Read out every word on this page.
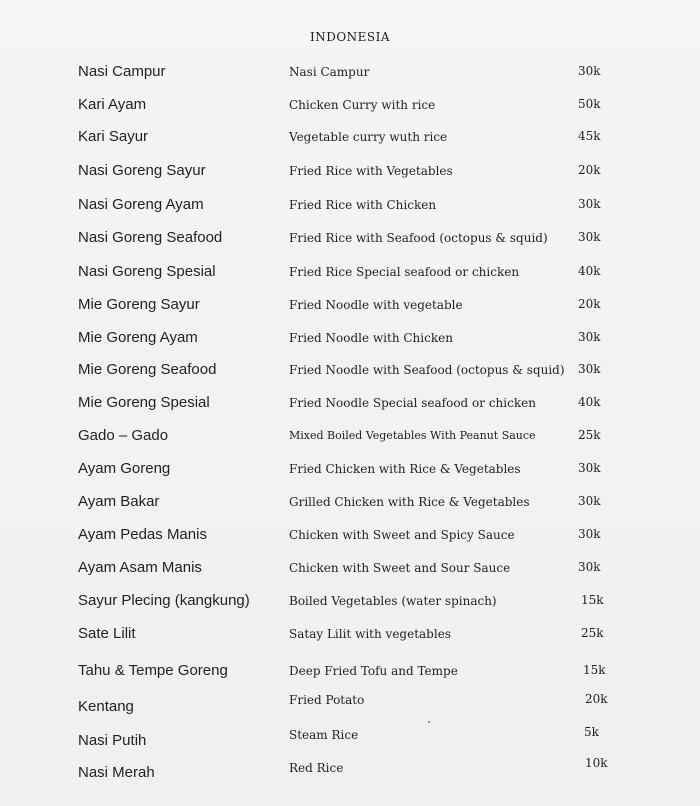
INDONESIA
Nasi Campur	Nasi Campur	30k
Kari Ayam	Chicken Curry with rice	50k
Kari Sayur	Vegetable curry wuth rice	45k
Nasi Goreng Sayur	Fried Rice with Vegetables	20k
Nasi Goreng Ayam	Fried Rice with Chicken	30k
Nasi Goreng Seafood	Fried Rice with Seafood (octopus & squid)	30k
Nasi Goreng Spesial	Fried Rice Special seafood or chicken	40k
Mie Goreng Sayur	Fried Noodle with vegetable	20k
Mie Goreng Ayam	Fried Noodle with Chicken	30k
Mie Goreng Seafood	Fried Noodle with Seafood (octopus & squid) 30k
Mie Goreng Spesial	Fried Noodle Special seafood or chicken	40k
Gado – Gado	Mixed Boiled Vegetables With Peanut Sauce	25k
Ayam Goreng	Fried Chicken with Rice & Vegetables	30k
Ayam Bakar	Grilled Chicken with Rice & Vegetables	30k
Ayam Pedas Manis	Chicken with Sweet and Spicy Sauce	30k
Ayam Asam Manis	Chicken with Sweet and Sour Sauce	30k
Sayur Plecing (kangkung)	Boiled Vegetables (water spinach)	15k
Sate Lilit	Satay Lilit with vegetables	25k
Tahu & Tempe Goreng	Deep Fried Tofu and Tempe	15k
Kentang	Fried Potato	20k
Nasi Putih	Steam Rice	5k
Nasi Merah	Red Rice	10k
